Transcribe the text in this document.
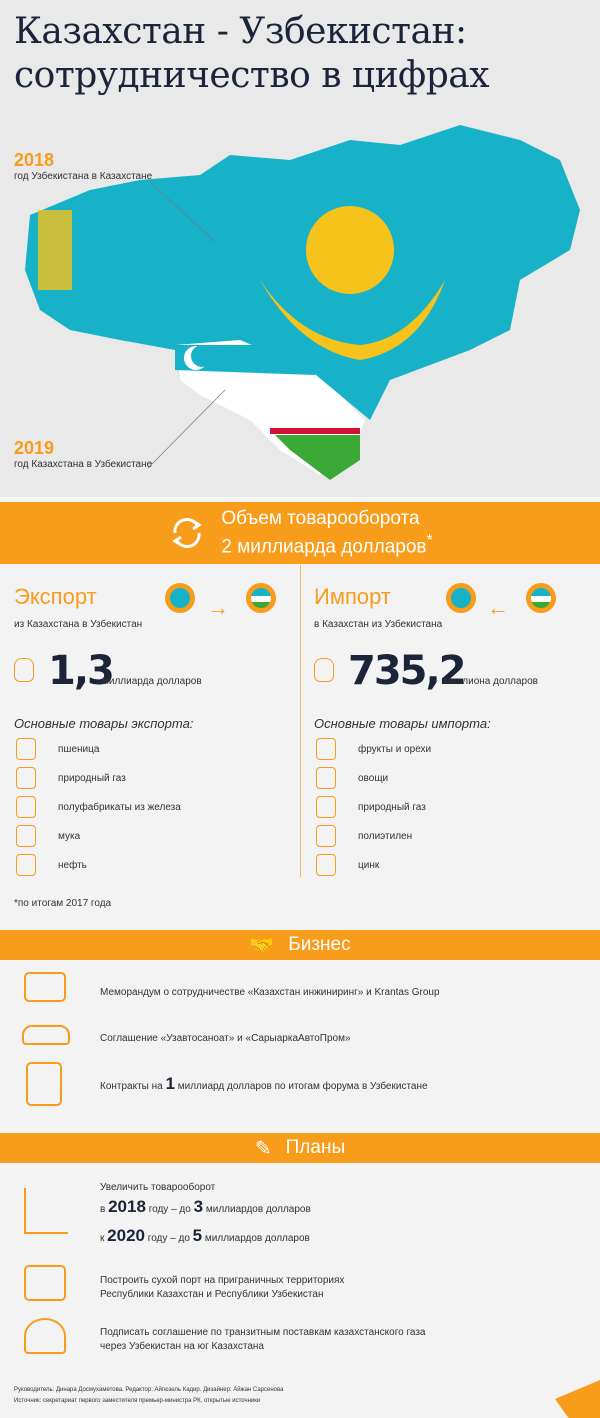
Казахстан - Узбекистан:
сотрудничество в цифрах
2018
год Узбекистана в Казахстане
2019
год Казахстана в Узбекистане
Объем товарооборота
2 миллиарда долларов*
Экспорт
из Казахстана в Узбекистан
→
1,3
миллиарда долларов
Основные товары экспорта:
пшеница
природный газ
полуфабрикаты из железа
мука
нефть
Импорт
в Казахстан из Узбекистана
←
735,2
миллиона долларов
Основные товары импорта:
фрукты и орехи
овощи
природный газ
полиэтилен
цинк
*по итогам 2017 года
🤝 Бизнес
Меморандум о сотрудничестве «Казахстан инжиниринг» и Krantas Group
Соглашение «Узавтосаноат» и «СарыаркаАвтоПром»
Контракты на 1 миллиард долларов по итогам форума в Узбекистане
✎ Планы
Увеличить товарооборот
в 2018 году – до 3 миллиардов долларов
к 2020 году – до 5 миллиардов долларов
Построить сухой порт на приграничных территориях
Республики Казахстан и Республики Узбекистан
Подписать соглашение по транзитным поставкам казахстанского газа
через Узбекистан на юг Казахстана
Руководитель: Динара Досмухаметова. Редактор: Айгюзель Кадир. Дизайнер: Айжан Сарсенова
Источник: секретариат первого заместителя премьер-министра РК, открытые источники
